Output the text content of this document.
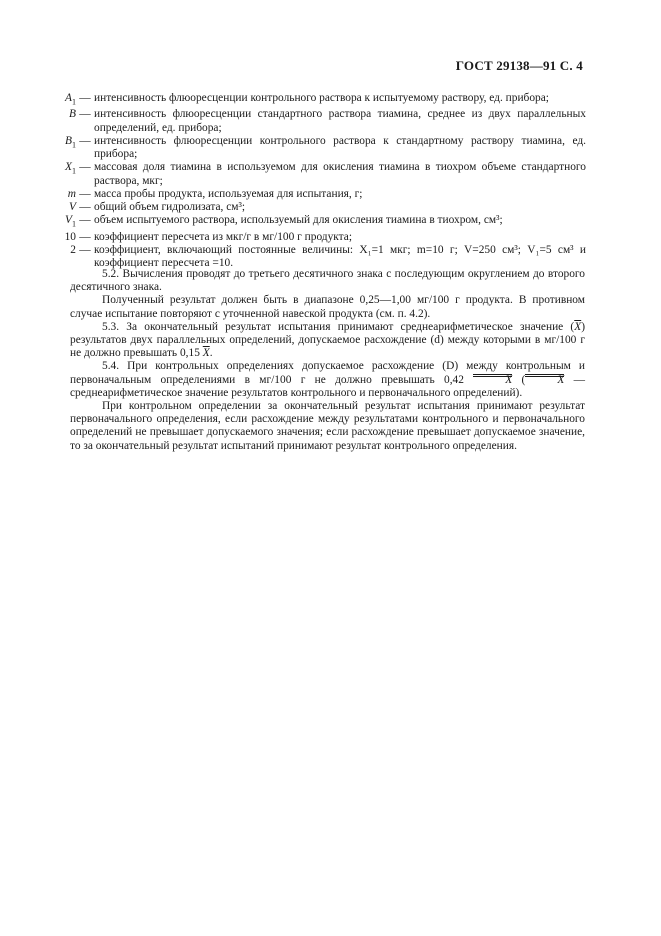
ГОСТ 29138—91 С. 4
$A_1$ — интенсивность флюоресценции контрольного раствора к испытуемому раствору, ед. прибора;
B — интенсивность флюоресценции стандартного раствора тиамина, среднее из двух параллельных определений, ед. прибора;
$B_1$ — интенсивность флюоресценции контрольного раствора к стандартному раствору тиамина, ед. прибора;
$X_1$ — массовая доля тиамина в используемом для окисления тиамина в тиохром объеме стандартного раствора, мкг;
m — масса пробы продукта, используемая для испытания, г;
V — общий объем гидролизата, см³;
$V_1$ — объем испытуемого раствора, используемый для окисления тиамина в тиохром, см³;
10 — коэффициент пересчета из мкг/г в мг/100 г продукта;
2 — коэффициент, включающий постоянные величины: X₁=1 мкг; m=10 г; V=250 см³; V₁=5 см³ и коэффициент пересчета =10.
5.2. Вычисления проводят до третьего десятичного знака с последующим округлением до второго десятичного знака.
Полученный результат должен быть в диапазоне 0,25—1,00 мг/100 г продукта. В противном случае испытание повторяют с уточненной навеской продукта (см. п. 4.2).
5.3. За окончательный результат испытания принимают среднеарифметическое значение $(\overline{X})$ результатов двух параллельных определений, допускаемое расхождение (d) между которыми в мг/100 г не должно превышать 0,15 $\overline{X}$.
5.4. При контрольных определениях допускаемое расхождение (D) между контрольным и первоначальным определениями в мг/100 г не должно превышать 0,42	X (	X — среднеарифметическое значение результатов контрольного и первоначального определений).
При контрольном определении за окончательный результат испытания принимают результат первоначального определения, если расхождение между результатами контрольного и первоначального определений не превышает допускаемого значения; если расхождение превышает допускаемое значение, то за окончательный результат испытаний принимают результат контрольного определения.
